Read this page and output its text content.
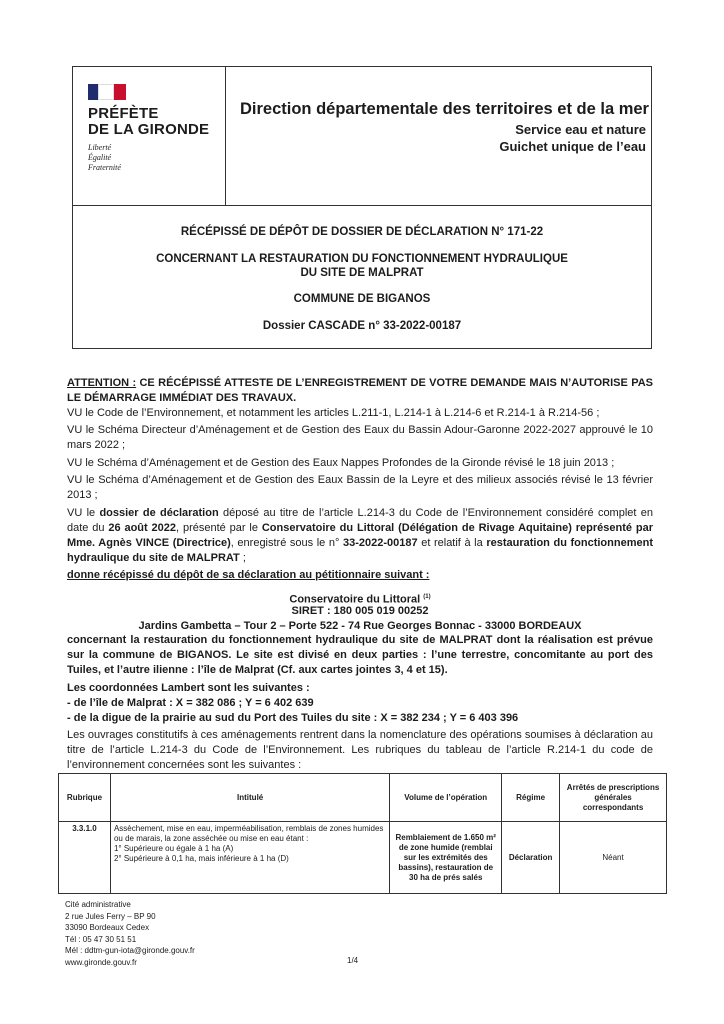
PRÉFÈTE
DE LA GIRONDE
Liberté
Égalité
Fraternité
Direction départementale des territoires et de la mer
Service eau et nature
Guichet unique de l’eau
RÉCÉPISSÉ DE DÉPÔT DE DOSSIER DE DÉCLARATION N° 171-22
CONCERNANT LA RESTAURATION DU FONCTIONNEMENT HYDRAULIQUE
DU SITE DE MALPRAT
COMMUNE DE BIGANOS
Dossier CASCADE n° 33-2022-00187
ATTENTION : CE RÉCÉPISSÉ ATTESTE DE L’ENREGISTREMENT DE VOTRE DEMANDE MAIS N’AUTORISE PAS LE DÉMARRAGE IMMÉDIAT DES TRAVAUX.
VU le Code de l’Environnement, et notamment les articles L.211-1, L.214-1 à L.214-6 et R.214-1 à R.214-56 ;
VU le Schéma Directeur d’Aménagement et de Gestion des Eaux du Bassin Adour-Garonne 2022-2027 approuvé le 10 mars 2022 ;
VU le Schéma d’Aménagement et de Gestion des Eaux Nappes Profondes de la Gironde révisé le 18 juin 2013 ;
VU le Schéma d’Aménagement et de Gestion des Eaux Bassin de la Leyre et des milieux associés révisé le 13 février 2013 ;
VU le dossier de déclaration déposé au titre de l’article L.214-3 du Code de l’Environnement considéré complet en date du 26 août 2022, présenté par le Conservatoire du Littoral (Délégation de Rivage Aquitaine) représenté par Mme. Agnès VINCE (Directrice), enregistré sous le n° 33-2022-00187 et relatif à la restauration du fonctionnement hydraulique du site de MALPRAT ;
donne récépissé du dépôt de sa déclaration au pétitionnaire suivant :
Conservatoire du Littoral $^{(1)}$
SIRET : 180 005 019 00252
Jardins Gambetta – Tour 2 – Porte 522 - 74 Rue Georges Bonnac - 33000 BORDEAUX
concernant la restauration du fonctionnement hydraulique du site de MALPRAT dont la réalisation est prévue sur la commune de BIGANOS. Le site est divisé en deux parties : l’une terrestre, concomitante au port des Tuiles, et l’autre ilienne : l’île de Malprat (Cf. aux cartes jointes 3, 4 et 15).
Les coordonnées Lambert sont les suivantes :
- de l’île de Malprat : X = 382 086 ; Y = 6 402 639
- de la digue de la prairie au sud du Port des Tuiles du site : X = 382 234 ; Y = 6 403 396
Les ouvrages constitutifs à ces aménagements rentrent dans la nomenclature des opérations soumises à déclaration au titre de l’article L.214-3 du Code de l’Environnement. Les rubriques du tableau de l’article R.214-1 du code de l’environnement concernées sont les suivantes :
Rubrique	Intitulé	Volume de l’opération	Régime	Arrêtés de prescriptions générales correspondants
3.3.1.0	Assèchement, mise en eau, imperméabilisation, remblais de zones humides ou de marais, la zone asséchée ou mise en eau étant :
1° Supérieure ou égale à 1 ha (A)
2° Supérieure à 0,1 ha, mais inférieure à 1 ha (D)	Remblaiement de 1.650 m² de zone humide (remblai sur les extrémités des bassins), restauration de 30 ha de prés salés	Déclaration	Néant
Cité administrative
2 rue Jules Ferry – BP 90
33090 Bordeaux Cedex
Tél : 05 47 30 51 51
Mél : ddtm-gun-iota@gironde.gouv.fr
www.gironde.gouv.fr	1/4
